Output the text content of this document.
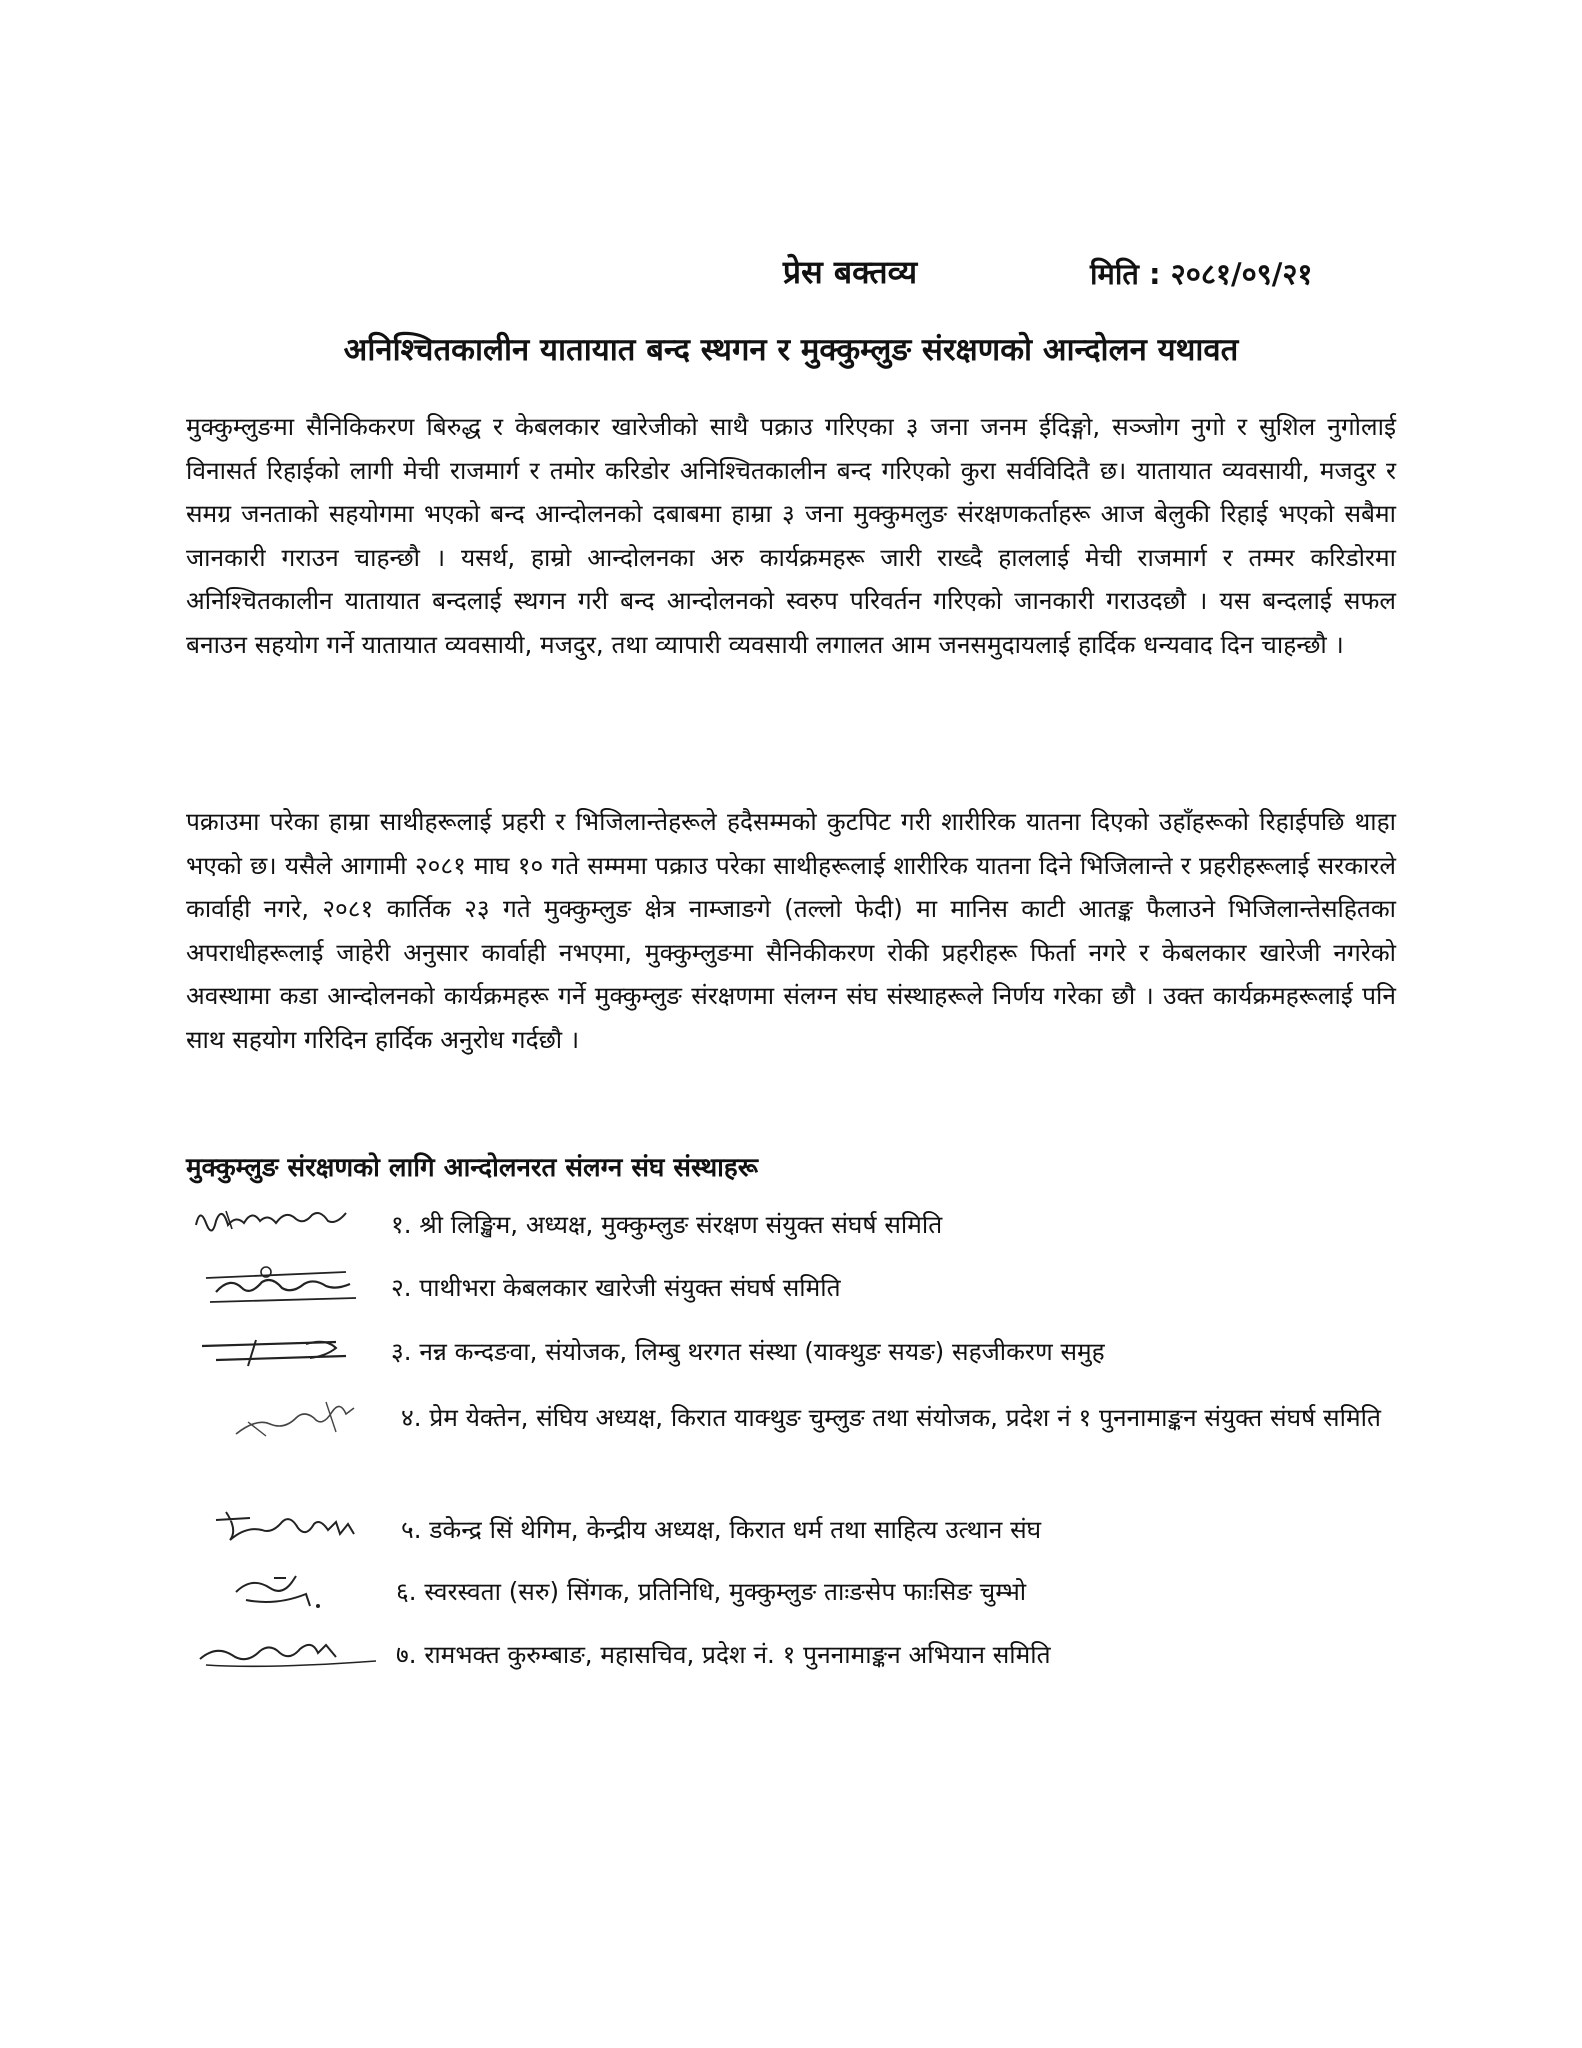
प्रेस बक्तव्य	मिति : २०८१/०९/२१
अनिश्चितकालीन यातायात बन्द स्थगन र मुक्कुम्लुङ संरक्षणको आन्दोलन यथावत

मुक्कुम्लुङमा सैनिकिकरण बिरुद्ध र केबलकार खारेजीको साथै पक्राउ गरिएका ३ जना जनम ईदिङ्गो, सञ्जोग नुगो र सुशिल नुगोलाई विनासर्त रिहाईको लागी मेची राजमार्ग र तमोर करिडोर अनिश्चितकालीन बन्द गरिएको कुरा सर्वविदितै छ। यातायात व्यवसायी, मजदुर र समग्र जनताको सहयोगमा भएको बन्द आन्दोलनको दबाबमा हाम्रा ३ जना मुक्कुमलुङ संरक्षणकर्ताहरू आज बेलुकी रिहाई भएको सबैमा जानकारी गराउन चाहन्छौ । यसर्थ, हाम्रो आन्दोलनका अरु कार्यक्रमहरू जारी राख्दै हाललाई मेची राजमार्ग र तम्मर करिडोरमा अनिश्चितकालीन यातायात बन्दलाई स्थगन गरी बन्द आन्दोलनको स्वरुप परिवर्तन गरिएको जानकारी गराउदछौ । यस बन्दलाई सफल बनाउन सहयोग गर्ने यातायात व्यवसायी, मजदुर, तथा व्यापारी व्यवसायी लगालत आम जनसमुदायलाई हार्दिक धन्यवाद दिन चाहन्छौ ।

पक्राउमा परेका हाम्रा साथीहरूलाई प्रहरी र भिजिलान्तेहरूले हदैसम्मको कुटपिट गरी शारीरिक यातना दिएको उहाँहरूको रिहाईपछि थाहा भएको छ। यसैले आगामी २०८१ माघ १० गते सम्ममा पक्राउ परेका साथीहरूलाई शारीरिक यातना दिने भिजिलान्ते र प्रहरीहरूलाई सरकारले कार्वाही नगरे, २०८१ कार्तिक २३ गते मुक्कुम्लुङ क्षेत्र नाम्जाङगे (तल्लो फेदी) मा मानिस काटी आतङ्क फैलाउने भिजिलान्तेसहितका अपराधीहरूलाई जाहेरी अनुसार कार्वाही नभएमा, मुक्कुम्लुङमा सैनिकीकरण रोकी प्रहरीहरू फिर्ता नगरे र केबलकार खारेजी नगरेको अवस्थामा कडा आन्दोलनको कार्यक्रमहरू गर्ने मुक्कुम्लुङ संरक्षणमा संलग्न संघ संस्थाहरूले निर्णय गरेका छौ । उक्त कार्यक्रमहरूलाई पनि साथ सहयोग गरिदिन हार्दिक अनुरोध गर्दछौ ।

मुक्कुम्लुङ संरक्षणको लागि आन्दोलनरत संलग्न संघ संस्थाहरू
१. श्री लिङ्खिम, अध्यक्ष, मुक्कुम्लुङ संरक्षण संयुक्त संघर्ष समिति
२. पाथीभरा केबलकार खारेजी संयुक्त संघर्ष समिति
३. नन्न कन्दङवा, संयोजक, लिम्बु थरगत संस्था (याक्थुङ सयङ) सहजीकरण समुह
४. प्रेम येक्तेन, संघिय अध्यक्ष, किरात याक्थुङ चुम्लुङ तथा संयोजक, प्रदेश नं १ पुननामाङ्कन संयुक्त संघर्ष समिति
५. डकेन्द्र सिं थेगिम, केन्द्रीय अध्यक्ष, किरात धर्म तथा साहित्य उत्थान संघ
६. स्वरस्वता (सरु) सिंगक, प्रतिनिधि, मुक्कुम्लुङ ताःङसेप फाःसिङ चुम्भो
७. रामभक्त कुरुम्बाङ, महासचिव, प्रदेश नं. १ पुननामाङ्कन अभियान समिति
